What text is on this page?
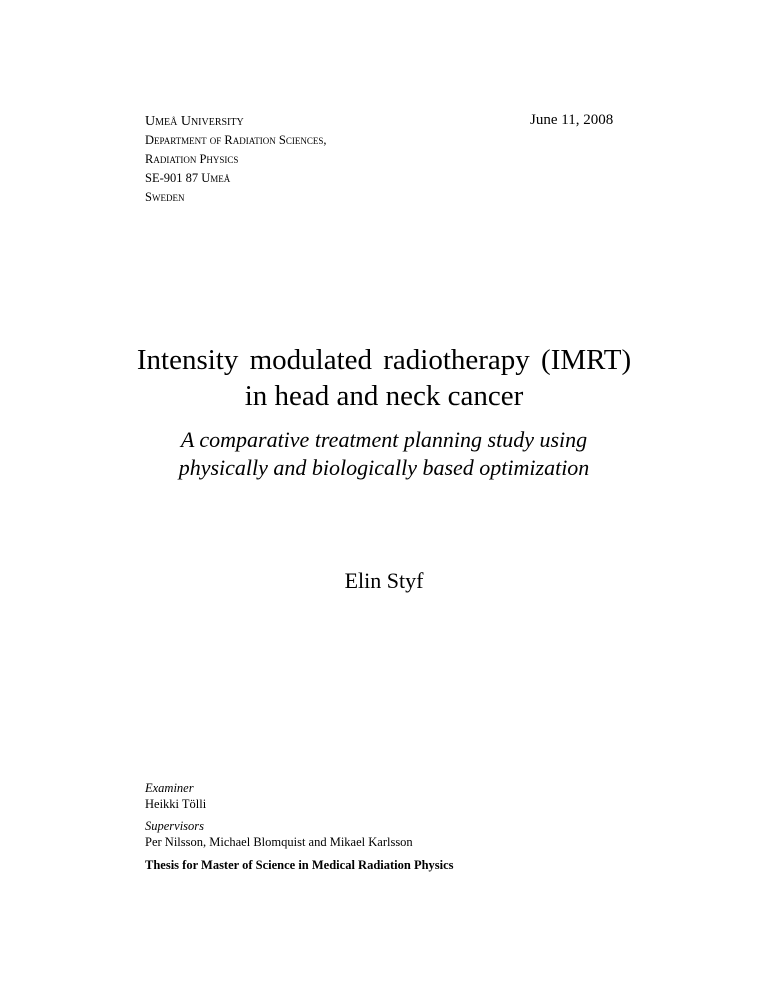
Umeå University
Department of Radiation Sciences,
Radiation Physics
SE-901 87 Umeå
Sweden
June 11, 2008
Intensity modulated radiotherapy (IMRT)
in head and neck cancer
A comparative treatment planning study using
physically and biologically based optimization
Elin Styf
Examiner
Heikki Tölli
Supervisors
Per Nilsson, Michael Blomquist and Mikael Karlsson
Thesis for Master of Science in Medical Radiation Physics
